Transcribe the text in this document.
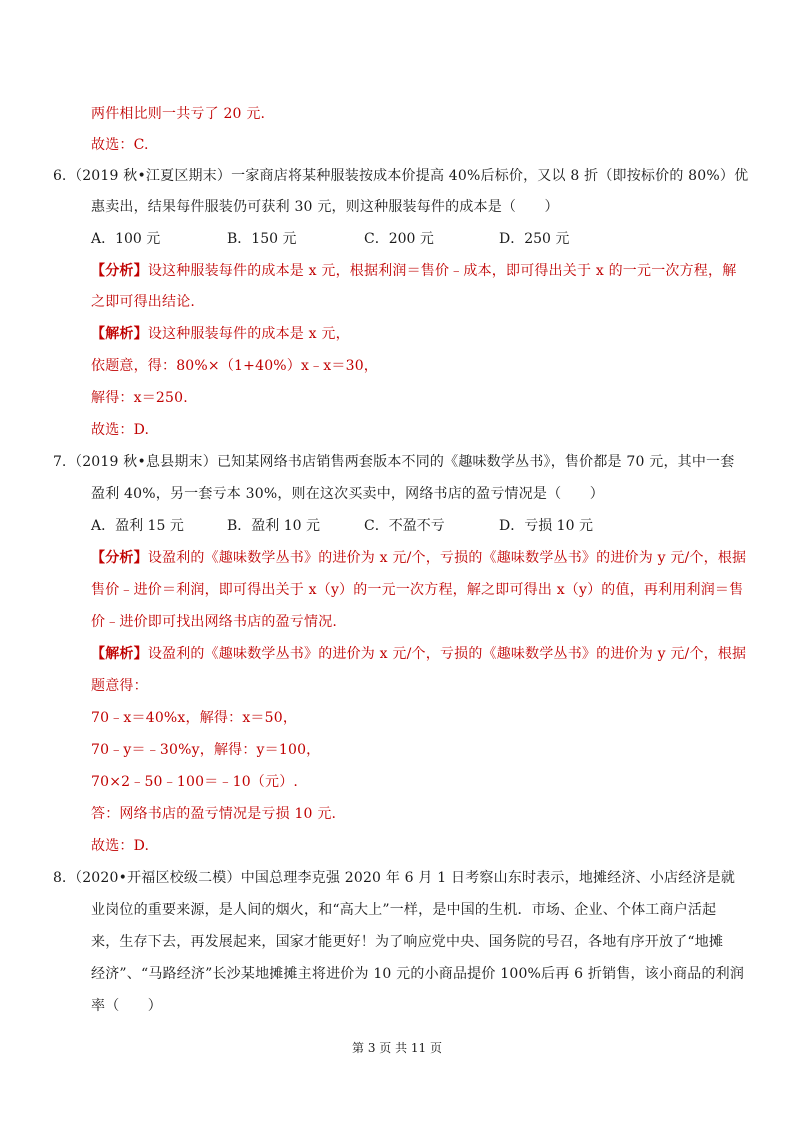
两件相比则一共亏了 20 元.
故选：C.
6. （2019 秋•江夏区期末）一家商店将某种服装按成本价提高 40%后标价，又以 8 折（即按标价的 80%）优
惠卖出，结果每件服装仍可获利 30 元，则这种服装每件的成本是（　　）
A．100 元	B．150 元	C．200 元	D．250 元
【分析】设这种服装每件的成本是 x 元，根据利润＝售价﹣成本，即可得出关于 x 的一元一次方程，解
之即可得出结论.
【解析】设这种服装每件的成本是 x 元，
依题意，得：80%×（1+40%）x﹣x＝30，
解得：x＝250.
故选：D.
7. （2019 秋•息县期末）已知某网络书店销售两套版本不同的《趣味数学丛书》，售价都是 70 元，其中一套
盈利 40%，另一套亏本 30%，则在这次买卖中，网络书店的盈亏情况是（　　）
A．盈利 15 元	B．盈利 10 元	C．不盈不亏	D．亏损 10 元
【分析】设盈利的《趣味数学丛书》的进价为 x 元/个，亏损的《趣味数学丛书》的进价为 y 元/个，根据
售价﹣进价＝利润，即可得出关于 x（y）的一元一次方程，解之即可得出 x（y）的值，再利用利润＝售
价﹣进价即可找出网络书店的盈亏情况.
【解析】设盈利的《趣味数学丛书》的进价为 x 元/个，亏损的《趣味数学丛书》的进价为 y 元/个，根据
题意得：
70﹣x＝40%x，解得：x＝50，
70﹣y＝﹣30%y，解得：y＝100，
70×2﹣50﹣100＝﹣10（元）.
答：网络书店的盈亏情况是亏损 10 元.
故选：D.
8. （2020•开福区校级二模）中国总理李克强 2020 年 6 月 1 日考察山东时表示，地摊经济、小店经济是就
业岗位的重要来源，是人间的烟火，和“高大上”一样，是中国的生机．市场、企业、个体工商户活起
来，生存下去，再发展起来，国家才能更好！为了响应党中央、国务院的号召，各地有序开放了“地摊
经济”、“马路经济”长沙某地摊摊主将进价为 10 元的小商品提价 100%后再 6 折销售，该小商品的利润
率（　　）
第 3 页 共 11 页
